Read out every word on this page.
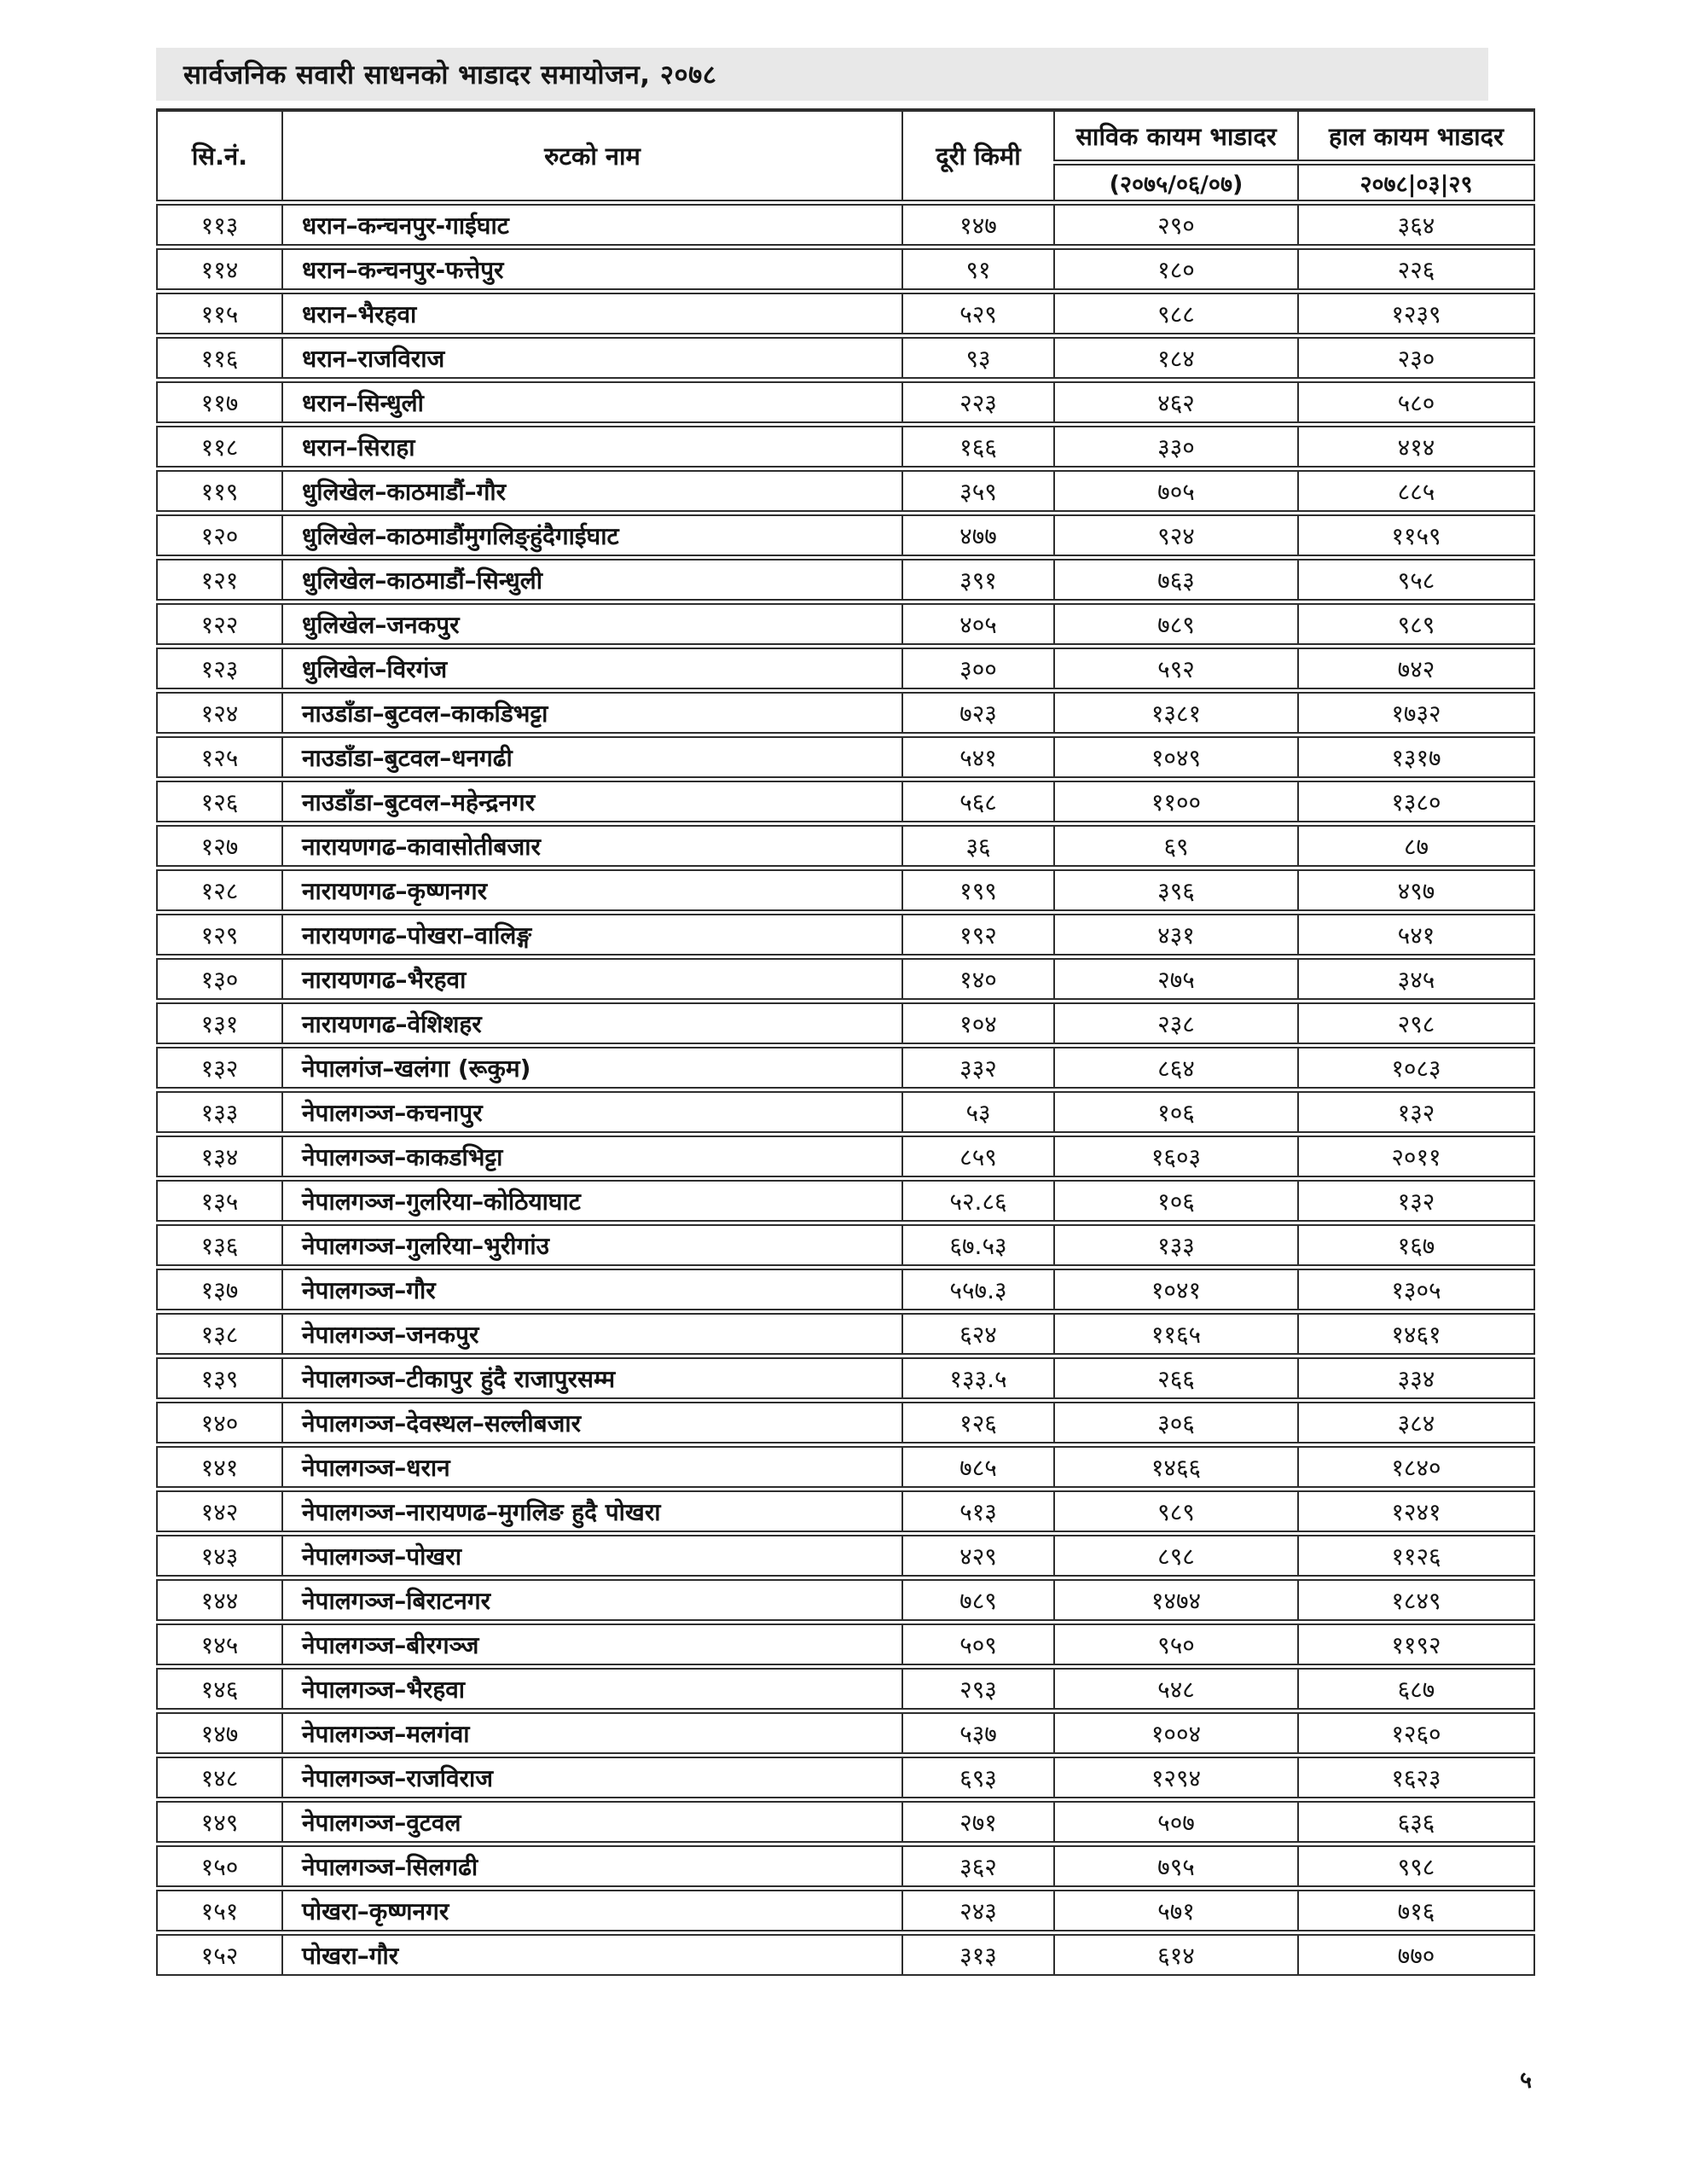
सार्वजनिक सवारी साधनको भाडादर समायोजन, २०७८
सि.नं.	रुटको नाम	दूरी किमी	साविक कायम भाडादर	हाल कायम भाडादर
			(२०७५/०६/०७)	२०७८|०३|२९
११३	धरान–कन्चनपुर-गाईघाट	१४७	२९०	३६४
११४	धरान–कन्चनपुर-फत्तेपुर	९१	१८०	२२६
११५	धरान–भैरहवा	५२९	९८८	१२३९
११६	धरान–राजविराज	९३	१८४	२३०
११७	धरान–सिन्धुली	२२३	४६२	५८०
११८	धरान–सिराहा	१६६	३३०	४१४
११९	धुलिखेल–काठमाडौं–गौर	३५९	७०५	८८५
१२०	धुलिखेल–काठमाडौंमुगलिङ्हुंदैगाईघाट	४७७	९२४	११५९
१२१	धुलिखेल–काठमाडौं–सिन्धुली	३९१	७६३	९५८
१२२	धुलिखेल–जनकपुर	४०५	७८९	९८९
१२३	धुलिखेल–विरगंज	३००	५९२	७४२
१२४	नाउडाँडा–बुटवल–काकडिभट्टा	७२३	१३८१	१७३२
१२५	नाउडाँडा–बुटवल–धनगढी	५४१	१०४९	१३१७
१२६	नाउडाँडा–बुटवल–महेन्द्रनगर	५६८	११००	१३८०
१२७	नारायणगढ–कावासोतीबजार	३६	६९	८७
१२८	नारायणगढ–कृष्णनगर	१९९	३९६	४९७
१२९	नारायणगढ–पोखरा–वालिङ्ग	१९२	४३१	५४१
१३०	नारायणगढ–भैरहवा	१४०	२७५	३४५
१३१	नारायणगढ–वेशिशहर	१०४	२३८	२९८
१३२	नेपालगंज–खलंगा (रूकुम)	३३२	८६४	१०८३
१३३	नेपालगञ्ज–कचनापुर	५३	१०६	१३२
१३४	नेपालगञ्ज–काकडभिट्टा	८५९	१६०३	२०११
१३५	नेपालगञ्ज–गुलरिया–कोठियाघाट	५२.८६	१०६	१३२
१३६	नेपालगञ्ज–गुलरिया–भुरीगांउ	६७.५३	१३३	१६७
१३७	नेपालगञ्ज–गौर	५५७.३	१०४१	१३०५
१३८	नेपालगञ्ज–जनकपुर	६२४	११६५	१४६१
१३९	नेपालगञ्ज–टीकापुर हुंदै राजापुरसम्म	१३३.५	२६६	३३४
१४०	नेपालगञ्ज–देवस्थल–सल्लीबजार	१२६	३०६	३८४
१४१	नेपालगञ्ज–धरान	७८५	१४६६	१८४०
१४२	नेपालगञ्ज–नारायणढ–मुगलिङ हुदै पोखरा	५१३	९८९	१२४१
१४३	नेपालगञ्ज–पोखरा	४२९	८९८	११२६
१४४	नेपालगञ्ज–बिराटनगर	७८९	१४७४	१८४९
१४५	नेपालगञ्ज–बीरगञ्ज	५०९	९५०	११९२
१४६	नेपालगञ्ज–भैरहवा	२९३	५४८	६८७
१४७	नेपालगञ्ज–मलगंवा	५३७	१००४	१२६०
१४८	नेपालगञ्ज–राजविराज	६९३	१२९४	१६२३
१४९	नेपालगञ्ज–वुटवल	२७१	५०७	६३६
१५०	नेपालगञ्ज–सिलगढी	३६२	७९५	९९८
१५१	पोखरा–कृष्णनगर	२४३	५७१	७१६
१५२	पोखरा–गौर	३१३	६१४	७७०
५
